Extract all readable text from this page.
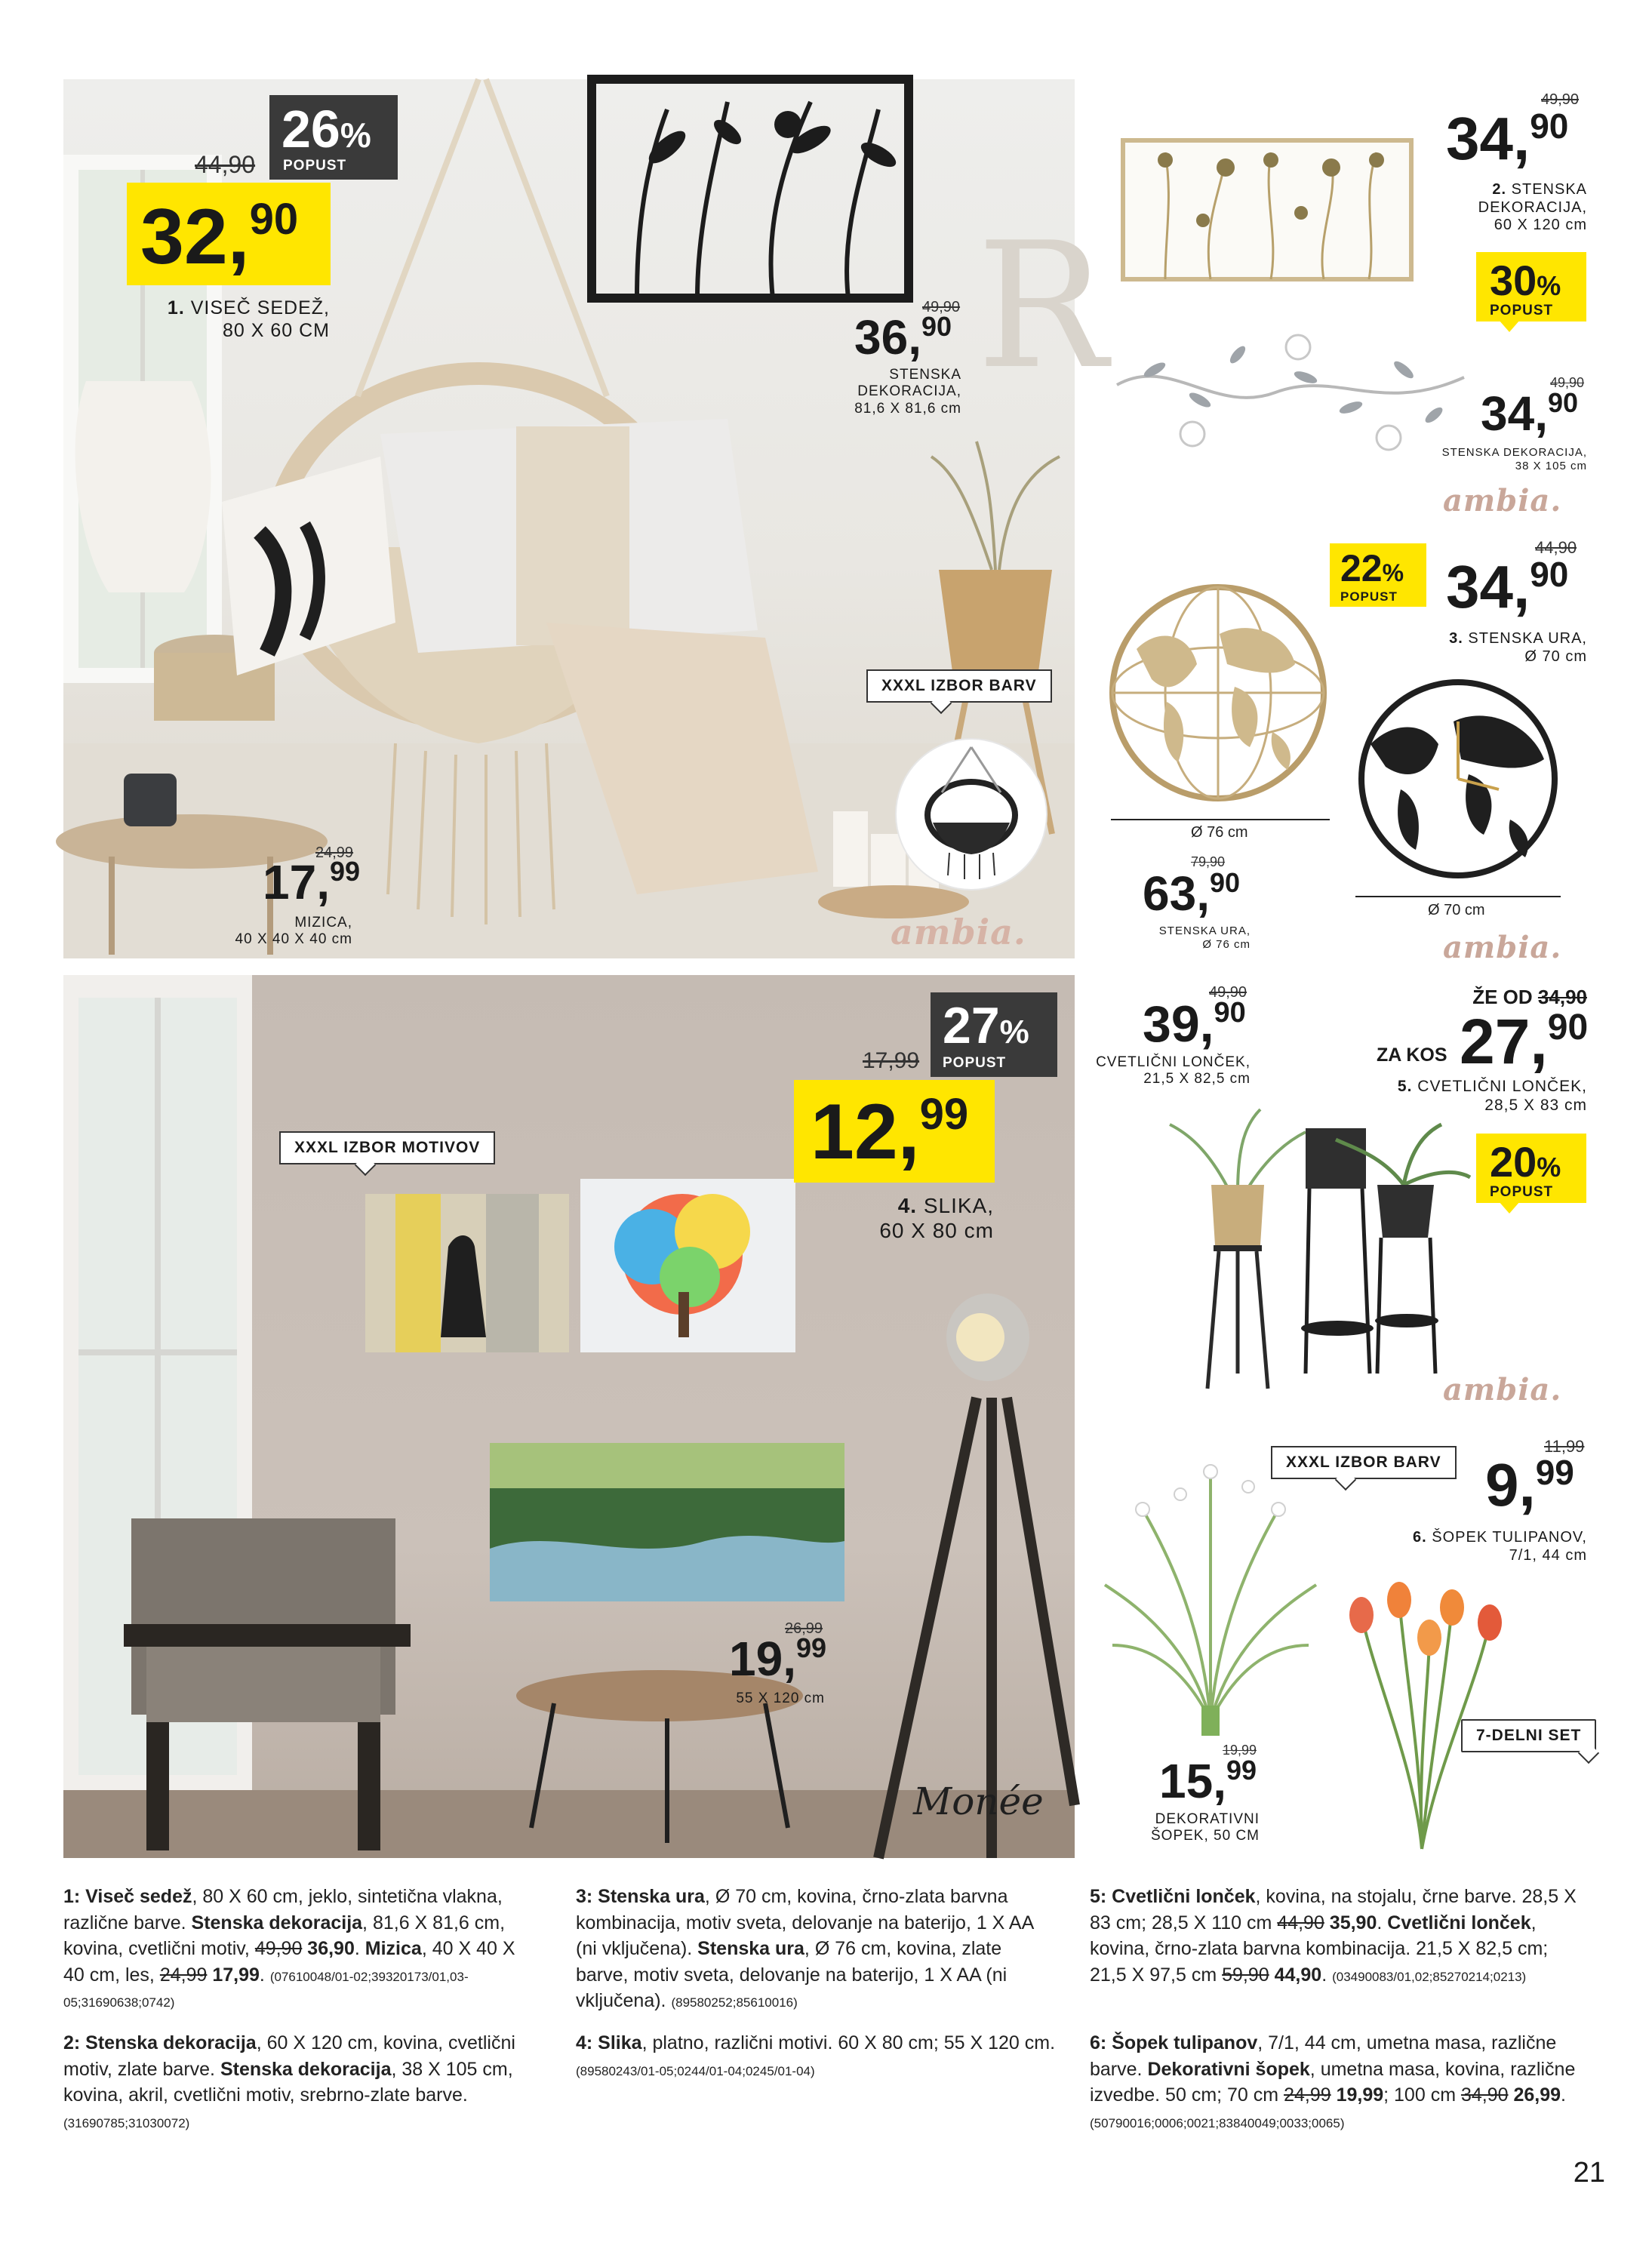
R
26%
POPUST
44,90
32,90
1. VISEČ SEDEŽ,
80 X 60 CM
49,90
36,90
STENSKA
DEKORACIJA,
81,6 X 81,6 cm
24,99
17,99
MIZICA,
40 X 40 X 40 cm
XXXL IZBOR BARV
ambia.
49,90
34,90
2. STENSKA
DEKORACIJA,
60 X 120 cm
30%
POPUST
49,90
34,90
STENSKA DEKORACIJA,
38 X 105 cm
ambia.
22%
POPUST
44,90
34,90
3. STENSKA URA,
Ø 70 cm
Ø 76 cm
Ø 70 cm
79,90
63,90
STENSKA URA,
Ø 76 cm	ambia.
XXXL IZBOR MOTIVOV
27%
POPUST
17,99
12,99
4. SLIKA,
60 X 80 cm
26,99
19,99
55 X 120 cm
Monée
49,90
39,90
CVETLIČNI LONČEK,
21,5 X 82,5 cm
ŽE OD 34,90
ZA KOS 27,90
5. CVETLIČNI LONČEK,
28,5 X 83 cm
20%
POPUST
ambia.
XXXL IZBOR BARV
11,99
9,99
6. ŠOPEK TULIPANOV,
7/1, 44 cm
19,99
15,99
DEKORATIVNI
ŠOPEK, 50 CM
7-DELNI SET
1: Viseč sedež, 80 X 60 cm, jeklo, sintetična vlakna, različne barve. Stenska dekoracija, 81,6 X 81,6 cm, kovina, cvetlični motiv, 49,90 36,90. Mizica, 40 X 40 X 40 cm, les, 24,99 17,99. (07610048/01-02;39320173/01,03-05;31690638;0742)
2: Stenska dekoracija, 60 X 120 cm, kovina, cvetlični motiv, zlate barve. Stenska dekoracija, 38 X 105 cm, kovina, akril, cvetlični motiv, srebrno-zlate barve.
(31690785;31030072)
3: Stenska ura, Ø 70 cm, kovina, črno-zlata barvna kombinacija, motiv sveta, delovanje na baterijo, 1 X AA (ni vključena). Stenska ura, Ø 76 cm, kovina, zlate barve, motiv sveta, delovanje na baterijo, 1 X AA (ni vključena). (89580252;85610016)
4: Slika, platno, različni motivi. 60 X 80 cm; 55 X 120 cm. (89580243/01-05;0244/01-04;0245/01-04)
5: Cvetlični lonček, kovina, na stojalu, črne barve. 28,5 X 83 cm; 28,5 X 110 cm 44,90 35,90. Cvetlični lonček, kovina, črno-zlata barvna kombinacija. 21,5 X 82,5 cm; 21,5 X 97,5 cm 59,90 44,90. (03490083/01,02;85270214;0213)
6: Šopek tulipanov, 7/1, 44 cm, umetna masa, različne barve. Dekorativni šopek, umetna masa, kovina, različne izvedbe. 50 cm; 70 cm 24,99 19,99; 100 cm 34,90 26,99. (50790016;0006;0021;83840049;0033;0065)
21
